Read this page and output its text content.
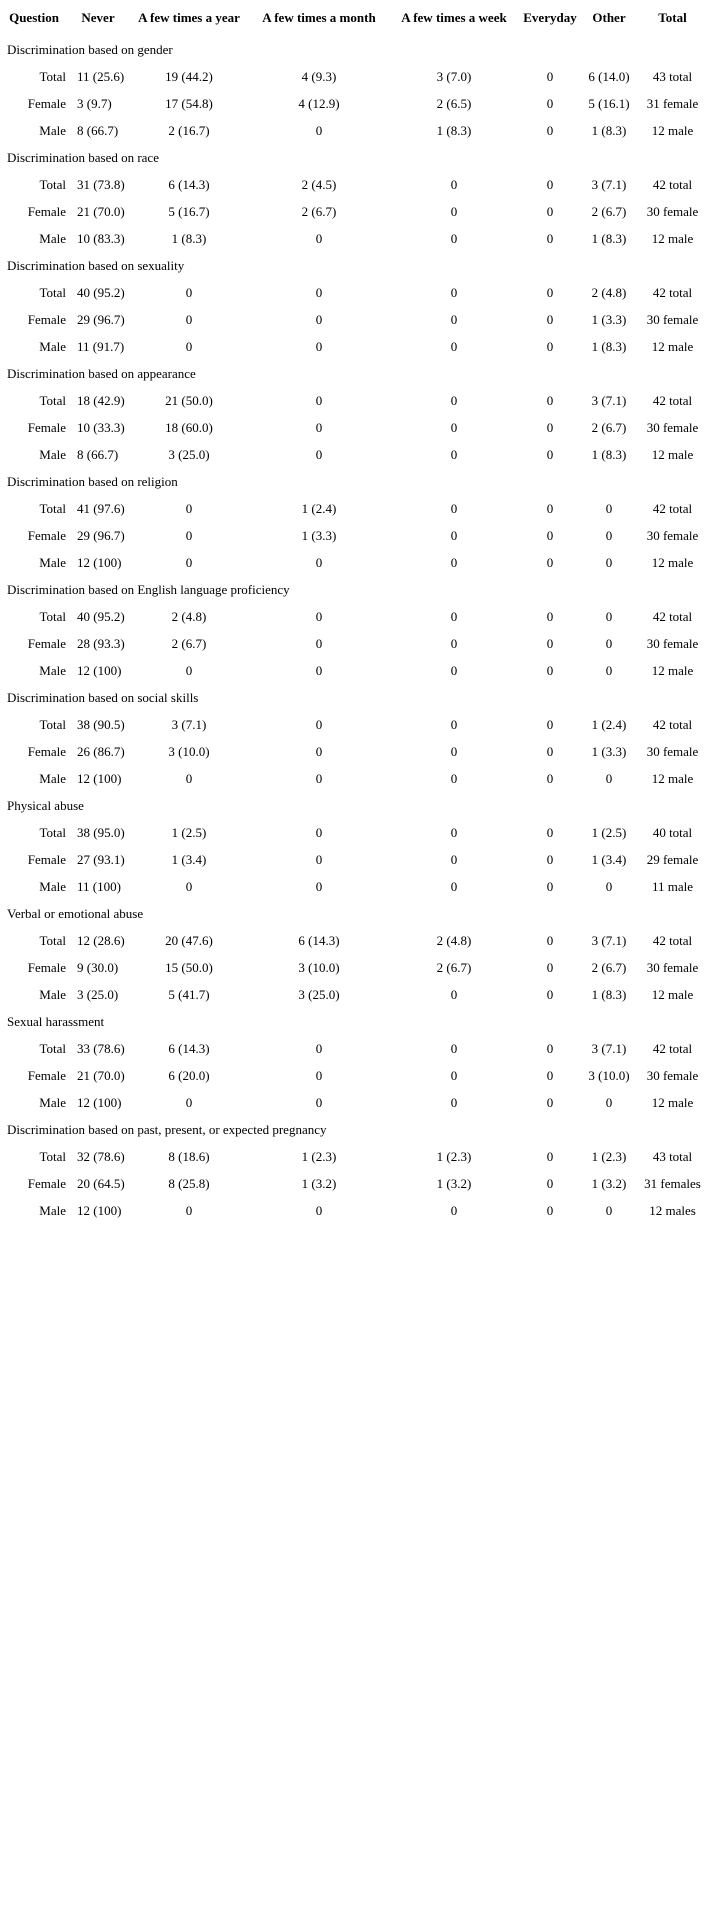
Question	Never	A few times a year	A few times a month	A few times a week	Everyday	Other	Total
Discrimination based on gender							
Total	11 (25.6)	19 (44.2)	4 (9.3)	3 (7.0)	0	6 (14.0)	43 total
Female	3 (9.7)	17 (54.8)	4 (12.9)	2 (6.5)	0	5 (16.1)	31 female
Male	8 (66.7)	2 (16.7)	0	1 (8.3)	0	1 (8.3)	12 male
Discrimination based on race							
Total	31 (73.8)	6 (14.3)	2 (4.5)	0	0	3 (7.1)	42 total
Female	21 (70.0)	5 (16.7)	2 (6.7)	0	0	2 (6.7)	30 female
Male	10 (83.3)	1 (8.3)	0	0	0	1 (8.3)	12 male
Discrimination based on sexuality							
Total	40 (95.2)	0	0	0	0	2 (4.8)	42 total
Female	29 (96.7)	0	0	0	0	1 (3.3)	30 female
Male	11 (91.7)	0	0	0	0	1 (8.3)	12 male
Discrimination based on appearance							
Total	18 (42.9)	21 (50.0)	0	0	0	3 (7.1)	42 total
Female	10 (33.3)	18 (60.0)	0	0	0	2 (6.7)	30 female
Male	8 (66.7)	3 (25.0)	0	0	0	1 (8.3)	12 male
Discrimination based on religion							
Total	41 (97.6)	0	1 (2.4)	0	0	0	42 total
Female	29 (96.7)	0	1 (3.3)	0	0	0	30 female
Male	12 (100)	0	0	0	0	0	12 male
Discrimination based on English language proficiency							
Total	40 (95.2)	2 (4.8)	0	0	0	0	42 total
Female	28 (93.3)	2 (6.7)	0	0	0	0	30 female
Male	12 (100)	0	0	0	0	0	12 male
Discrimination based on social skills							
Total	38 (90.5)	3 (7.1)	0	0	0	1 (2.4)	42 total
Female	26 (86.7)	3 (10.0)	0	0	0	1 (3.3)	30 female
Male	12 (100)	0	0	0	0	0	12 male
Physical abuse							
Total	38 (95.0)	1 (2.5)	0	0	0	1 (2.5)	40 total
Female	27 (93.1)	1 (3.4)	0	0	0	1 (3.4)	29 female
Male	11 (100)	0	0	0	0	0	11 male
Verbal or emotional abuse							
Total	12 (28.6)	20 (47.6)	6 (14.3)	2 (4.8)	0	3 (7.1)	42 total
Female	9 (30.0)	15 (50.0)	3 (10.0)	2 (6.7)	0	2 (6.7)	30 female
Male	3 (25.0)	5 (41.7)	3 (25.0)	0	0	1 (8.3)	12 male
Sexual harassment							
Total	33 (78.6)	6 (14.3)	0	0	0	3 (7.1)	42 total
Female	21 (70.0)	6 (20.0)	0	0	0	3 (10.0)	30 female
Male	12 (100)	0	0	0	0	0	12 male
Discrimination based on past, present, or expected pregnancy							
Total	32 (78.6)	8 (18.6)	1 (2.3)	1 (2.3)	0	1 (2.3)	43 total
Female	20 (64.5)	8 (25.8)	1 (3.2)	1 (3.2)	0	1 (3.2)	31 females
Male	12 (100)	0	0	0	0	0	12 males
